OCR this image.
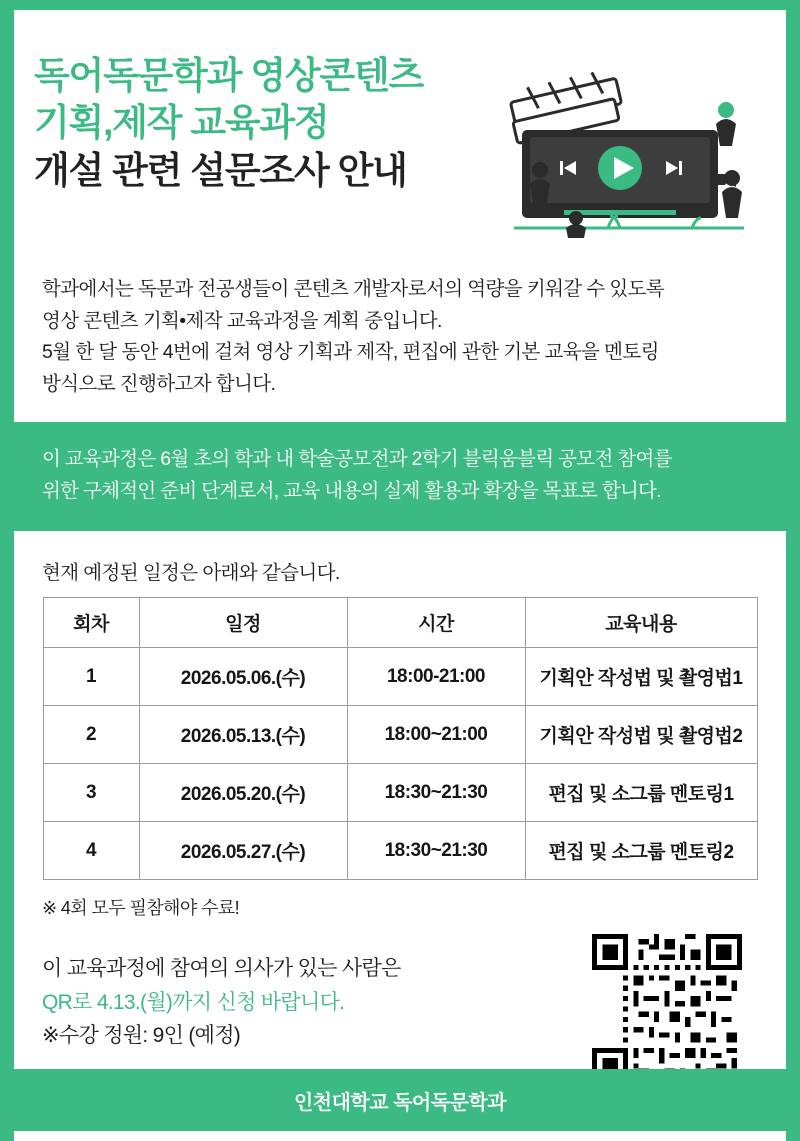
독어독문학과 영상콘텐츠
기획,제작 교육과정
개설 관련 설문조사 안내

학과에서는 독문과 전공생들이 콘텐츠 개발자로서의 역량을 키워갈 수 있도록

영상 콘텐츠 기획•제작 교육과정을 계획 중입니다.

5월 한 달 동안 4번에 걸쳐 영상 기획과 제작, 편집에 관한 기본 교육을 멘토링

방식으로 진행하고자 합니다.

이 교육과정은 6월 초의 학과 내 학술공모전과 2학기 블릭움블릭 공모전 참여를

위한 구체적인 준비 단계로서, 교육 내용의 실제 활용과 확장을 목표로 합니다.

현재 예정된 일정은 아래와 같습니다.
회차	일정	시간	교육내용
1	2026.05.06.(수)	18:00-21:00	기획안 작성법 및 촬영법1
2	2026.05.13.(수)	18:00~21:00	기획안 작성법 및 촬영법2
3	2026.05.20.(수)	18:30~21:30	편집 및 소그룹 멘토링1
4	2026.05.27.(수)	18:30~21:30	편집 및 소그룹 멘토링2
※ 4회 모두 필참해야 수료!
이 교육과정에 참여의 의사가 있는 사람은
QR로 4.13.(월)까지 신청 바랍니다.
※수강 정원: 9인 (예정)
인천대학교 독어독문학과
